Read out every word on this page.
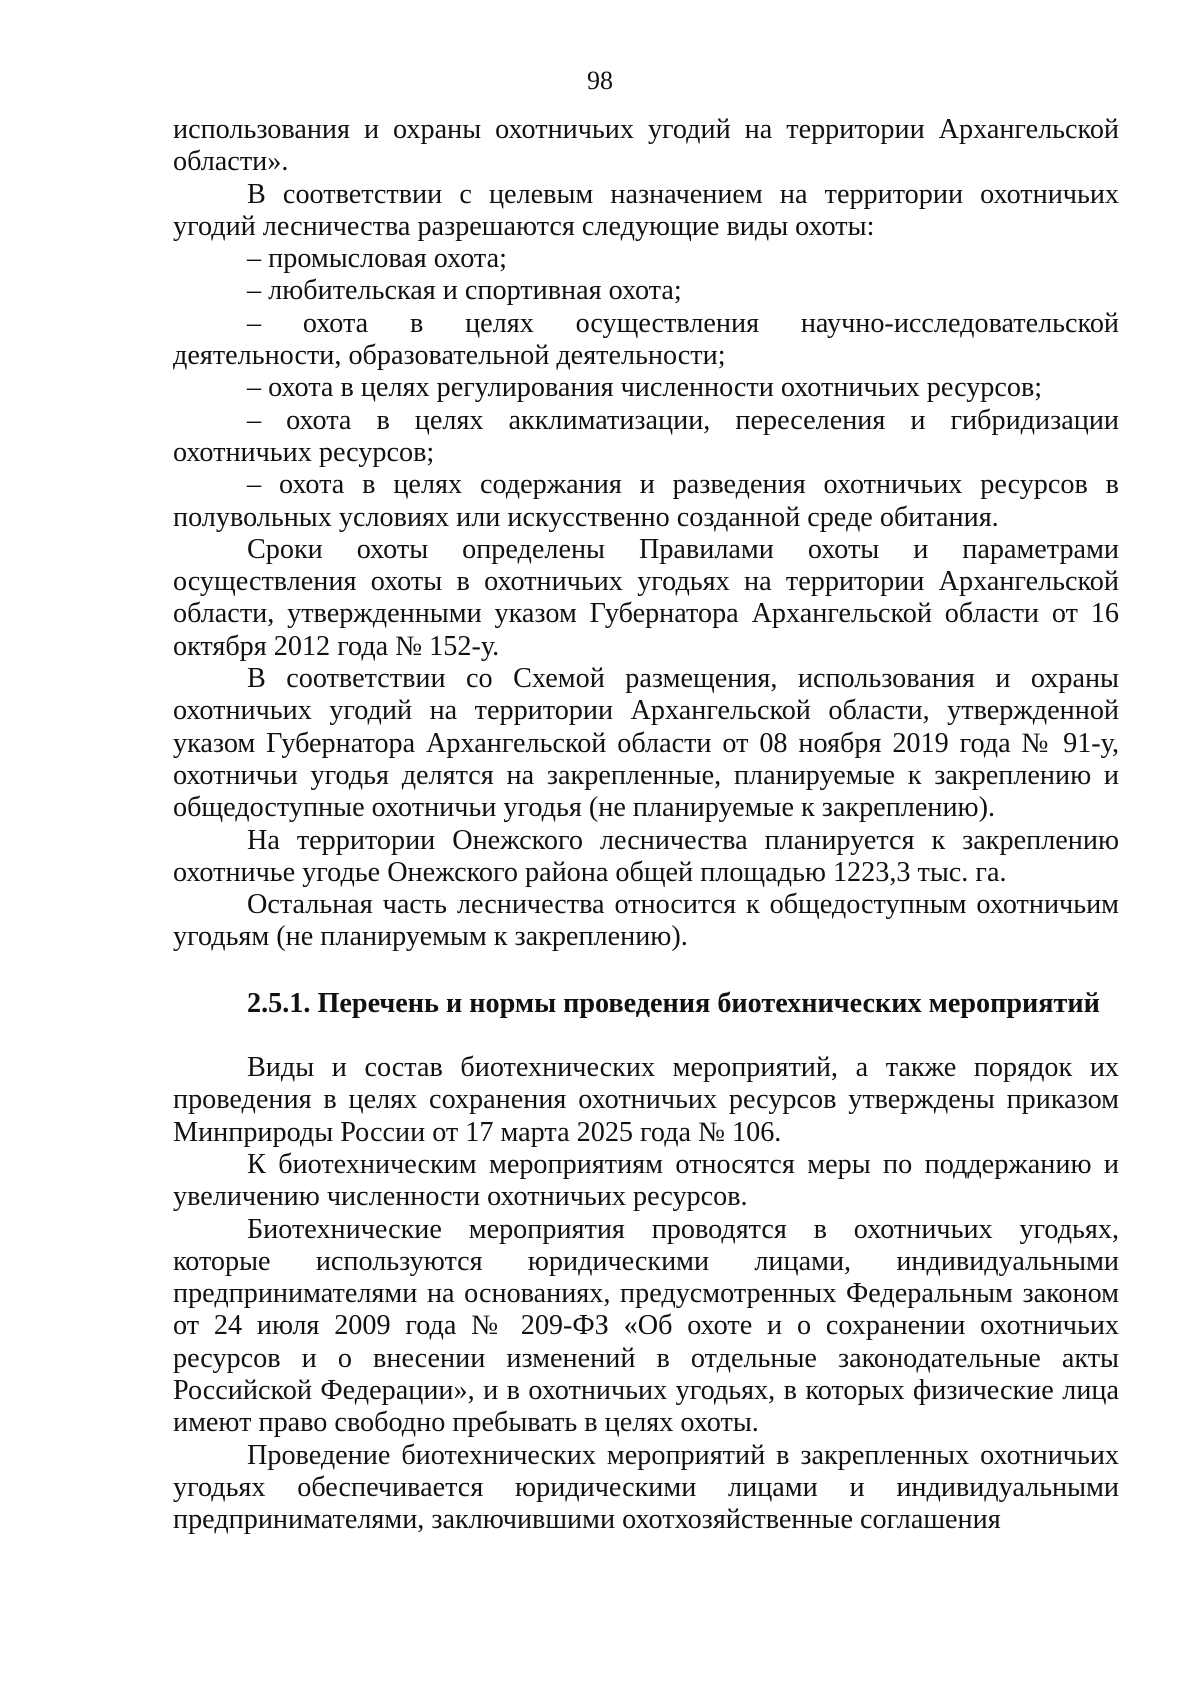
98

использования и охраны охотничьих угодий на территории Архангельской области».

В соответствии с целевым назначением на территории охотничьих угодий лесничества разрешаются следующие виды охоты:

– промысловая охота;

– любительская и спортивная охота;

– охота в целях осуществления научно-исследовательской деятельности, образовательной деятельности;

– охота в целях регулирования численности охотничьих ресурсов;

– охота в целях акклиматизации, переселения и гибридизации охотничьих ресурсов;

– охота в целях содержания и разведения охотничьих ресурсов в полувольных условиях или искусственно созданной среде обитания.

Сроки охоты определены Правилами охоты и параметрами осуществления охоты в охотничьих угодьях на территории Архангельской области, утвержденными указом Губернатора Архангельской области от 16 октября 2012 года № 152-у.

В соответствии со Схемой размещения, использования и охраны охотничьих угодий на территории Архангельской области, утвержденной указом Губернатора Архангельской области от 08 ноября 2019 года № 91-у, охотничьи угодья делятся на закрепленные, планируемые к закреплению и общедоступные охотничьи угодья (не планируемые к закреплению).

На территории Онежского лесничества планируется к закреплению охотничье угодье Онежского района общей площадью 1223,3 тыс. га.

Остальная часть лесничества относится к общедоступным охотничьим угодьям (не планируемым к закреплению).

2.5.1. Перечень и нормы проведения биотехнических мероприятий

Виды и состав биотехнических мероприятий, а также порядок их проведения в целях сохранения охотничьих ресурсов утверждены приказом Минприроды России от 17 марта 2025 года № 106.

К биотехническим мероприятиям относятся меры по поддержанию и увеличению численности охотничьих ресурсов.

Биотехнические мероприятия проводятся в охотничьих угодьях, которые используются юридическими лицами, индивидуальными предпринимателями на основаниях, предусмотренных Федеральным законом от 24 июля 2009 года № 209-ФЗ «Об охоте и о сохранении охотничьих ресурсов и о внесении изменений в отдельные законодательные акты Российской Федерации», и в охотничьих угодьях, в которых физические лица имеют право свободно пребывать в целях охоты.

Проведение биотехнических мероприятий в закрепленных охотничьих угодьях обеспечивается юридическими лицами и индивидуальными предпринимателями, заключившими охотхозяйственные соглашения
